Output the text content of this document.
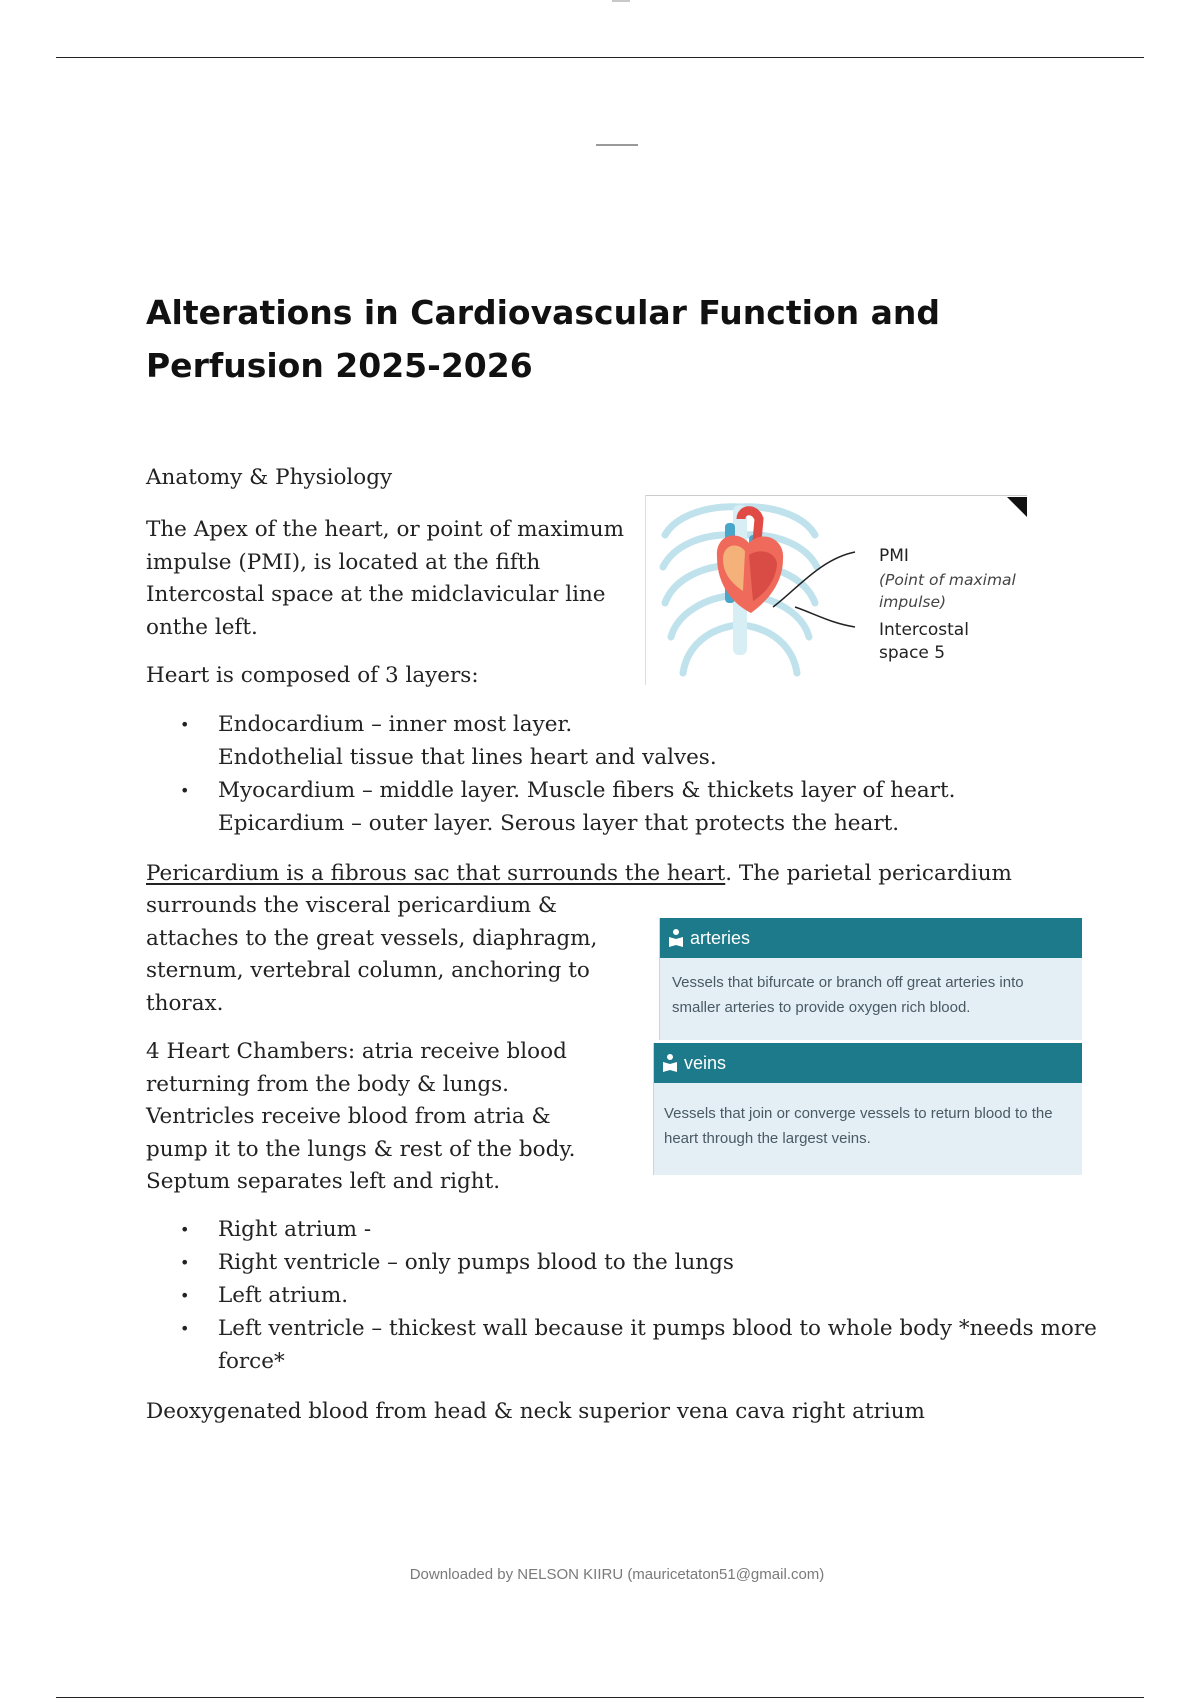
Alterations in Cardiovascular Function and Perfusion 2025-2026
Anatomy & Physiology
The Apex of the heart, or point of maximum impulse (PMI), is located at the fifth Intercostal space at the midclavicular line onthe left.
PMI
(Point of maximal impulse)
Intercostal space 5
Heart is composed of 3 layers:
• Endocardium – inner most layer.
Endothelial tissue that lines heart and valves.
• Myocardium – middle layer. Muscle fibers & thickets layer of heart.
Epicardium – outer layer. Serous layer that protects the heart.
Pericardium is a fibrous sac that surrounds the heart. The parietal pericardium
surrounds the visceral pericardium & attaches to the great vessels, diaphragm, sternum, vertebral column, anchoring to thorax.
arteries
Vessels that bifurcate or branch off great arteries into smaller arteries to provide oxygen rich blood.
veins
Vessels that join or converge vessels to return blood to the heart through the largest veins.
4 Heart Chambers: atria receive blood returning from the body & lungs. Ventricles receive blood from atria & pump it to the lungs & rest of the body. Septum separates left and right.
• Right atrium -
• Right ventricle – only pumps blood to the lungs
• Left atrium.
• Left ventricle – thickest wall because it pumps blood to whole body *needs more force*
Deoxygenated blood from head & neck superior vena cava right atrium
Downloaded by NELSON KIIRU (mauricetaton51@gmail.com)
